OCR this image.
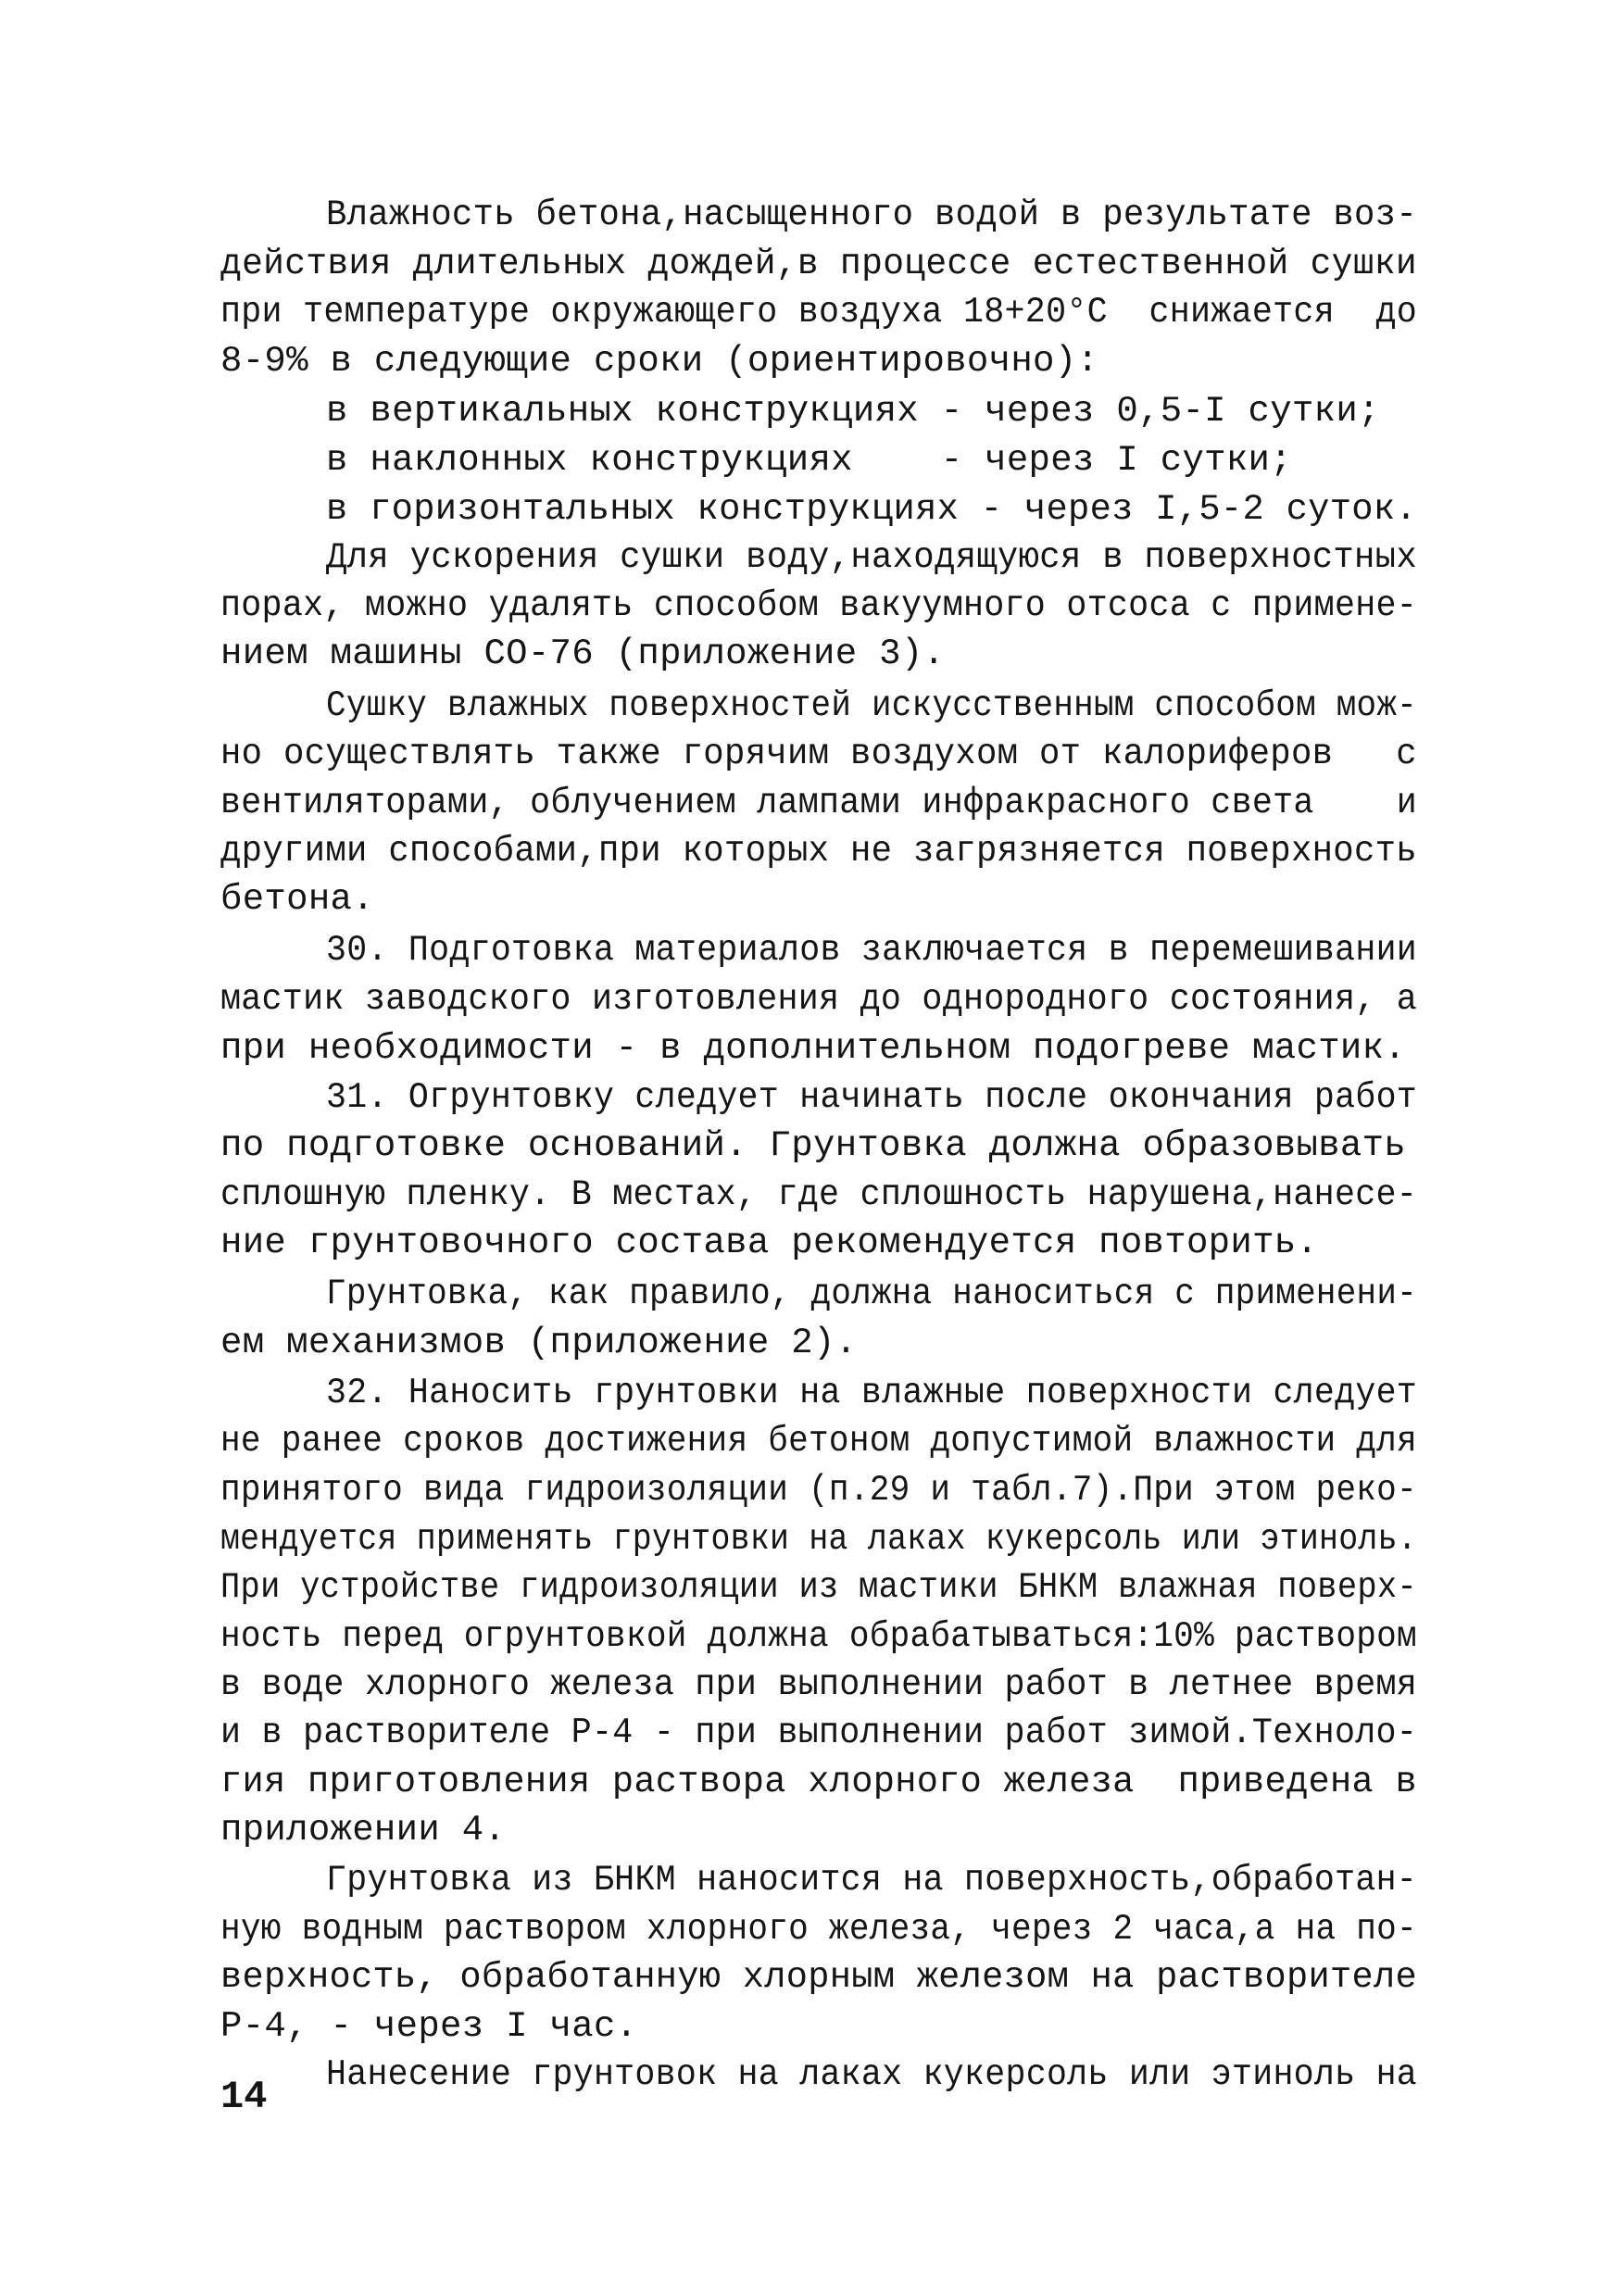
Влажность бетона,насыщенного водой в результате воз-
действия длительных дождей,в процессе естественной сушки
при температуре окружающего воздуха 18+20°C  снижается  до
8-9% в следующие сроки (ориентировочно):
в вертикальных конструкциях - через 0,5-I сутки;
в наклонных конструкциях    - через I сутки;
в горизонтальных конструкциях - через I,5-2 суток.
Для ускорения сушки воду,находящуюся в поверхностных
порах, можно удалять способом вакуумного отсоса с примене-
нием машины СО-76 (приложение 3).
Сушку влажных поверхностей искусственным способом мож-
но осуществлять также горячим воздухом от калориферов   с
вентиляторами, облучением лампами инфракрасного света    и
другими способами,при которых не загрязняется поверхность
бетона.
30. Подготовка материалов заключается в перемешивании
мастик заводского изготовления до однородного состояния, а
при необходимости - в дополнительном подогреве мастик.
31. Огрунтовку следует начинать после окончания работ
по подготовке оснований. Грунтовка должна образовывать
сплошную пленку. В местах, где сплошность нарушена,нанесе-
ние грунтовочного состава рекомендуется повторить.
Грунтовка, как правило, должна наноситься с применени-
ем механизмов (приложение 2).
32. Наносить грунтовки на влажные поверхности следует
не ранее сроков достижения бетоном допустимой влажности для
принятого вида гидроизоляции (п.29 и табл.7).При этом реко-
мендуется применять грунтовки на лаках кукерсоль или этиноль.
При устройстве гидроизоляции из мастики БНКМ влажная поверх-
ность перед огрунтовкой должна обрабатываться:10% раствором
в воде хлорного железа при выполнении работ в летнее время
и в растворителе Р-4 - при выполнении работ зимой.Техноло-
гия приготовления раствора хлорного железа  приведена в
приложении 4.
Грунтовка из БНКМ наносится на поверхность,обработан-
ную водным раствором хлорного железа, через 2 часа,а на по-
верхность, обработанную хлорным железом на растворителе
Р-4, - через I час.
Нанесение грунтовок на лаках кукерсоль или этиноль на
14
